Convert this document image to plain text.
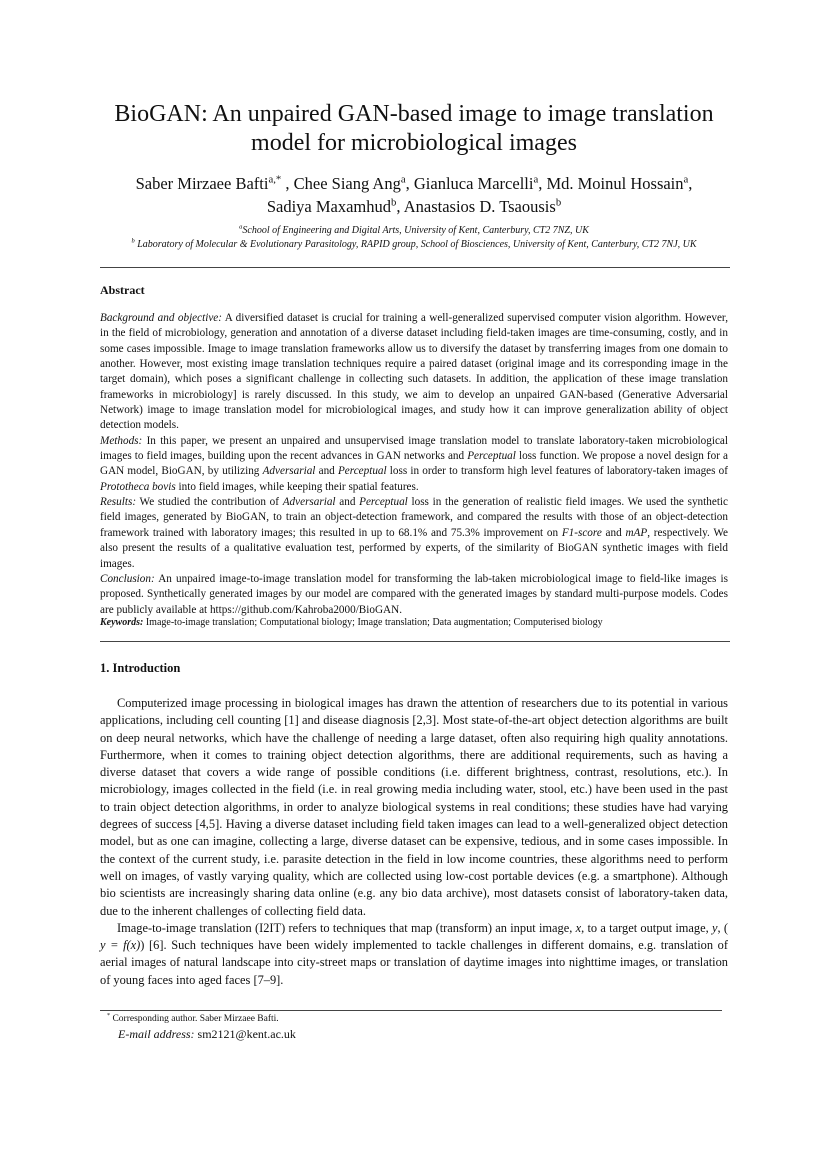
BioGAN: An unpaired GAN-based image to image translation
model for microbiological images
Saber Mirzaee Bafti$^{a,*}$ , Chee Siang Ang$^a$, Gianluca Marcelli$^a$, Md. Moinul Hossain$^a$,
Sadiya Maxamhud$^b$, Anastasios D. Tsaousis$^b$
$^a$School of Engineering and Digital Arts, University of Kent, Canterbury, CT2 7NZ, UK
$^b$ Laboratory of Molecular & Evolutionary Parasitology, RAPID group, School of Biosciences, University of Kent, Canterbury, CT2 7NJ, UK
Abstract

Background and objective: A diversified dataset is crucial for training a well-generalized supervised computer vision algorithm. However, in the field of microbiology, generation and annotation of a diverse dataset including field-taken images are time-consuming, costly, and in some cases impossible. Image to image translation frameworks allow us to diversify the dataset by transferring images from one domain to another. However, most existing image translation techniques require a paired dataset (original image and its corresponding image in the target domain), which poses a significant challenge in collecting such datasets. In addition, the application of these image translation frameworks in microbiology] is rarely discussed. In this study, we aim to develop an unpaired GAN-based (Generative Adversarial Network) image to image translation model for microbiological images, and study how it can improve generalization ability of object detection models.

Methods: In this paper, we present an unpaired and unsupervised image translation model to translate laboratory-taken microbiological images to field images, building upon the recent advances in GAN networks and Perceptual loss function. We propose a novel design for a GAN model, BioGAN, by utilizing Adversarial and Perceptual loss in order to transform high level features of laboratory-taken images of Prototheca bovis into field images, while keeping their spatial features.

Results: We studied the contribution of Adversarial and Perceptual loss in the generation of realistic field images. We used the synthetic field images, generated by BioGAN, to train an object-detection framework, and compared the results with those of an object-detection framework trained with laboratory images; this resulted in up to 68.1% and 75.3% improvement on F1-score and mAP, respectively. We also present the results of a qualitative evaluation test, performed by experts, of the similarity of BioGAN synthetic images with field images.

Conclusion: An unpaired image-to-image translation model for transforming the lab-taken microbiological image to field-like images is proposed. Synthetically generated images by our model are compared with the generated images by standard multi-purpose models. Codes are publicly available at https://github.com/Kahroba2000/BioGAN.

Keywords: Image-to-image translation; Computational biology; Image translation; Data augmentation; Computerised biology
1. Introduction

Computerized image processing in biological images has drawn the attention of researchers due to its potential in various applications, including cell counting [1] and disease diagnosis [2,3]. Most state-of-the-art object detection algorithms are built on deep neural networks, which have the challenge of needing a large dataset, often also requiring high quality annotations. Furthermore, when it comes to training object detection algorithms, there are additional requirements, such as having a diverse dataset that covers a wide range of possible conditions (i.e. different brightness, contrast, resolutions, etc.). In microbiology, images collected in the field (i.e. in real growing media including water, stool, etc.) have been used in the past to train object detection algorithms, in order to analyze biological systems in real conditions; these studies have had varying degrees of success [4,5]. Having a diverse dataset including field taken images can lead to a well-generalized object detection model, but as one can imagine, collecting a large, diverse dataset can be expensive, tedious, and in some cases impossible. In the context of the current study, i.e. parasite detection in the field in low income countries, these algorithms need to perform well on images, of vastly varying quality, which are collected using low-cost portable devices (e.g. a smartphone). Although bio scientists are increasingly sharing data online (e.g. any bio data archive), most datasets consist of laboratory-taken data, due to the inherent challenges of collecting field data.

Image-to-image translation (I2IT) refers to techniques that map (transform) an input image, x, to a target output image, y, ( y = f(x)) [6]. Such techniques have been widely implemented to tackle challenges in different domains, e.g. translation of aerial images of natural landscape into city-street maps or translation of daytime images into nighttime images, or translation of young faces into aged faces [7–9].

* Corresponding author. Saber Mirzaee Bafti.
E-mail address: sm2121@kent.ac.uk
